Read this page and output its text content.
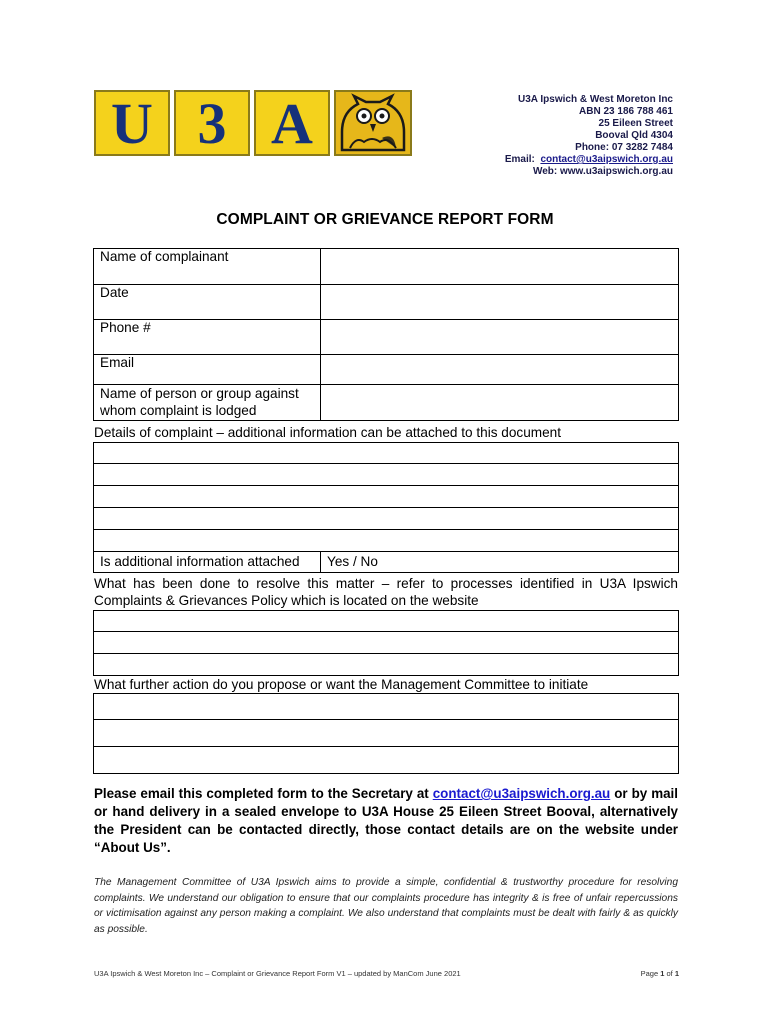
U 3 A	U3A Ipswich & West Moreton Inc
ABN 23 186 788 461
25 Eileen Street
Booval Qld 4304
Phone: 07 3282 7484
Email: contact@u3aipswich.org.au
Web: www.u3aipswich.org.au
COMPLAINT OR GRIEVANCE REPORT FORM
Name of complainant	
Date	
Phone #	
Email	

Name of person or group against
whom complaint is lodged	

Details of complaint – additional information can be attached to this document
Is additional information attached	Yes / No
What has been done to resolve this matter – refer to processes identified in U3A Ipswich Complaints & Grievances Policy which is located on the website
What further action do you propose or want the Management Committee to initiate
Please email this completed form to the Secretary at contact@u3aipswich.org.au or by mail or hand delivery in a sealed envelope to U3A House 25 Eileen Street Booval, alternatively the President can be contacted directly, those contact details are on the website under “About Us”.
The Management Committee of U3A Ipswich aims to provide a simple, confidential & trustworthy procedure for resolving complaints. We understand our obligation to ensure that our complaints procedure has integrity & is free of unfair repercussions or victimisation against any person making a complaint. We also understand that complaints must be dealt with fairly & as quickly as possible.
U3A Ipswich & West Moreton Inc – Complaint or Grievance Report Form V1 – updated by ManCom June 2021	Page 1 of 1
